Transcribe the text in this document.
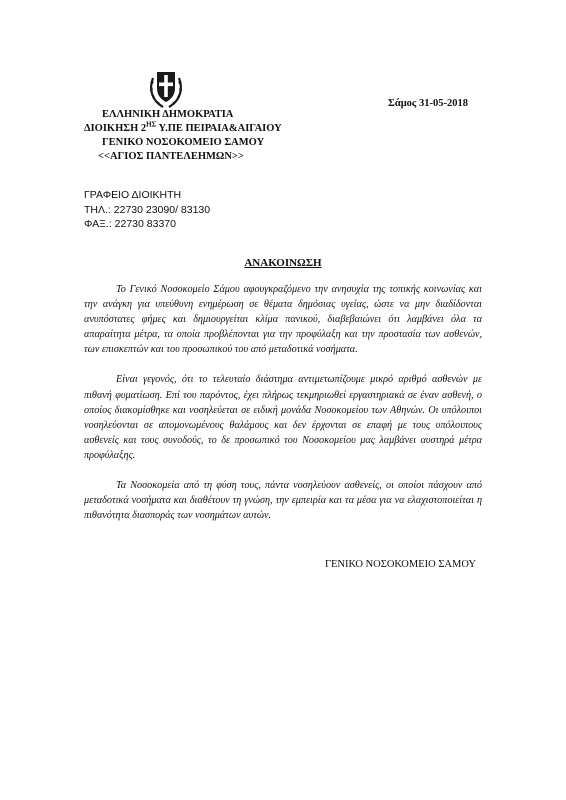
ΕΛΛΗΝΙΚΗ ΔΗΜΟΚΡΑΤΙΑ
ΔΙΟΙΚΗΣΗ $2^{H\Sigma}$ Υ.ΠΕ ΠΕΙΡΑΙΑ&ΑΙΓΑΙΟΥ
ΓΕΝΙΚΟ ΝΟΣΟΚΟΜΕΙΟ ΣΑΜΟΥ
<<ΑΓΙΟΣ ΠΑΝΤΕΛΕΗΜΩΝ>>
Σάμος 31-05-2018
ΓΡΑΦΕΙΟ ΔΙΟΙΚΗΤΗ
ΤΗΛ.: 22730 23090/ 83130
ΦΑΞ.: 22730 83370
ΑΝΑΚΟΙΝΩΣΗ

Το Γενικό Νοσοκομείο Σάμου αφουγκραζόμενο την ανησυχία της τοπικής κοινωνίας και την ανάγκη για υπεύθυνη ενημέρωση σε θέματα δημόσιας υγείας, ώστε να μην διαδίδονται ανυπόστατες φήμες και δημιουργείται κλίμα πανικού, διαβεβαιώνει ότι λαμβάνει όλα τα απαραίτητα μέτρα, τα οποία προβλέπονται για την προφύλαξη και την προστασία των ασθενών, των επισκεπτών και του προσωπικού του από μεταδοτικά νοσήματα.

Είναι γεγονός, ότι το τελευταίο διάστημα αντιμετωπίζουμε μικρό αριθμό ασθενών με πιθανή φυματίωση. Επί του παρόντος, έχει πλήρως τεκμηριωθεί εργαστηριακά σε έναν ασθενή, ο οποίος διακομίσθηκε και νοσηλεύεται σε ειδική μονάδα Νοσοκομείου των Αθηνών. Οι υπόλοιποι νοσηλεύονται σε απομονωμένους θαλάμους και δεν έρχονται σε επαφή με τους υπόλοιπους ασθενείς και τους συνοδούς, το δε προσωπικό του Νοσοκομείου μας λαμβάνει αυστηρά μέτρα προφύλαξης.

Τα Νοσοκομεία από τη φύση τους, πάντα νοσηλεύουν ασθενείς, οι οποίοι πάσχουν από μεταδοτικά νοσήματα και διαθέτουν τη γνώση, την εμπειρία και τα μέσα για να ελαχιστοποιείται η πιθανότητα διασποράς των νοσημάτων αυτών.

ΓΕΝΙΚΟ ΝΟΣΟΚΟΜΕΙΟ ΣΑΜΟΥ
